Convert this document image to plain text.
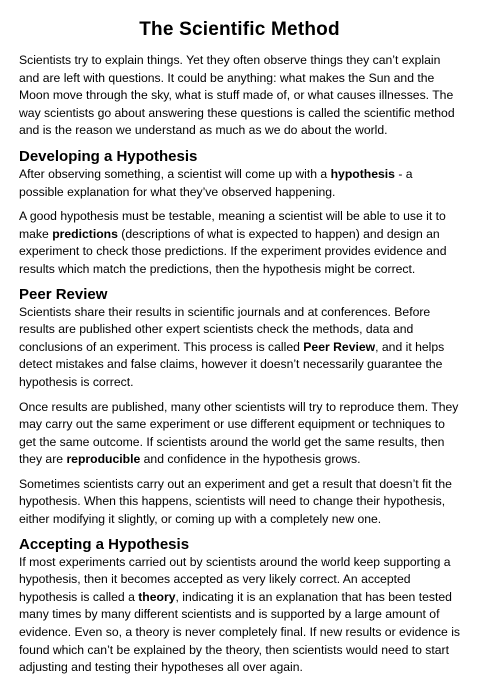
The Scientific Method

Scientists try to explain things. Yet they often observe things they can’t explain and are left with questions. It could be anything: what makes the Sun and the Moon move through the sky, what is stuff made of, or what causes illnesses. The way scientists go about answering these questions is called the scientific method and is the reason we understand as much as we do about the world.

Developing a Hypothesis

After observing something, a scientist will come up with a hypothesis - a possible explanation for what they’ve observed happening.

A good hypothesis must be testable, meaning a scientist will be able to use it to make predictions (descriptions of what is expected to happen) and design an experiment to check those predictions. If the experiment provides evidence and results which match the predictions, then the hypothesis might be correct.

Peer Review

Scientists share their results in scientific journals and at conferences. Before results are published other expert scientists check the methods, data and conclusions of an experiment. This process is called Peer Review, and it helps detect mistakes and false claims, however it doesn’t necessarily guarantee the hypothesis is correct.

Once results are published, many other scientists will try to reproduce them. They may carry out the same experiment or use different equipment or techniques to get the same outcome. If scientists around the world get the same results, then they are reproducible and confidence in the hypothesis grows.

Sometimes scientists carry out an experiment and get a result that doesn’t fit the hypothesis. When this happens, scientists will need to change their hypothesis, either modifying it slightly, or coming up with a completely new one.

Accepting a Hypothesis

If most experiments carried out by scientists around the world keep supporting a hypothesis, then it becomes accepted as very likely correct. An accepted hypothesis is called a theory, indicating it is an explanation that has been tested many times by many different scientists and is supported by a large amount of evidence. Even so, a theory is never completely final. If new results or evidence is found which can’t be explained by the theory, then scientists would need to start adjusting and testing their hypotheses all over again.
